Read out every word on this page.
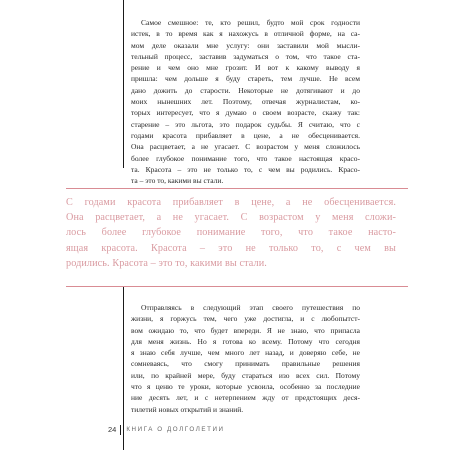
Самое смешное: те, кто решил, будто мой срок годности
истек, в то время как я нахожусь в отличной форме, на са-
мом деле оказали мне услугу: они заставили мой мысли-
тельный процесс, заставив задуматься о том, что такое ста-
рение и чем оно мне грозит. И вот к какому выводу я
пришла: чем дольше я буду стареть, тем лучше. Не всем
дано дожить до старости. Некоторые не дотягивают и до
моих нынешних лет. Поэтому, отвечая журналистам, ко-
торых интересует, что я думаю о своем возрасте, скажу так:
старение – это льгота, это подарок судьбы. Я считаю, что с
годами красота прибавляет в цене, а не обесценивается.
Она расцветает, а не угасает. С возрастом у меня сложилось
более глубокое понимание того, что такое настоящая красо-
та. Красота – это не только то, с чем вы родились. Красо-
та – это то, какими вы стали.
С годами красота прибавляет в цене, а не обесценивается.
Она расцветает, а не угасает. С возрастом у меня сложи-
лось более глубокое понимание того, что такое насто-
ящая красота. Красота – это не только то, с чем вы
родились. Красота – это то, какими вы стали.
Отправляясь в следующий этап своего путешествия по
жизни, я горжусь тем, чего уже достигла, и с любопытст-
вом ожидаю то, что будет впереди. Я не знаю, что припасла
для меня жизнь. Но я готова ко всему. Потому что сегодня
я знаю себя лучше, чем много лет назад, и доверяю себе, не
сомневаясь, что смогу принимать правильные решения
или, по крайней мере, буду стараться изо всех сил. Потому
что я ценю те уроки, которые усвоила, особенно за последние
ние десять лет, и с нетерпением жду от предстоящих деся-
тилетий новых открытий и знаний.
24	КНИГА О ДОЛГОЛЕТИИ
